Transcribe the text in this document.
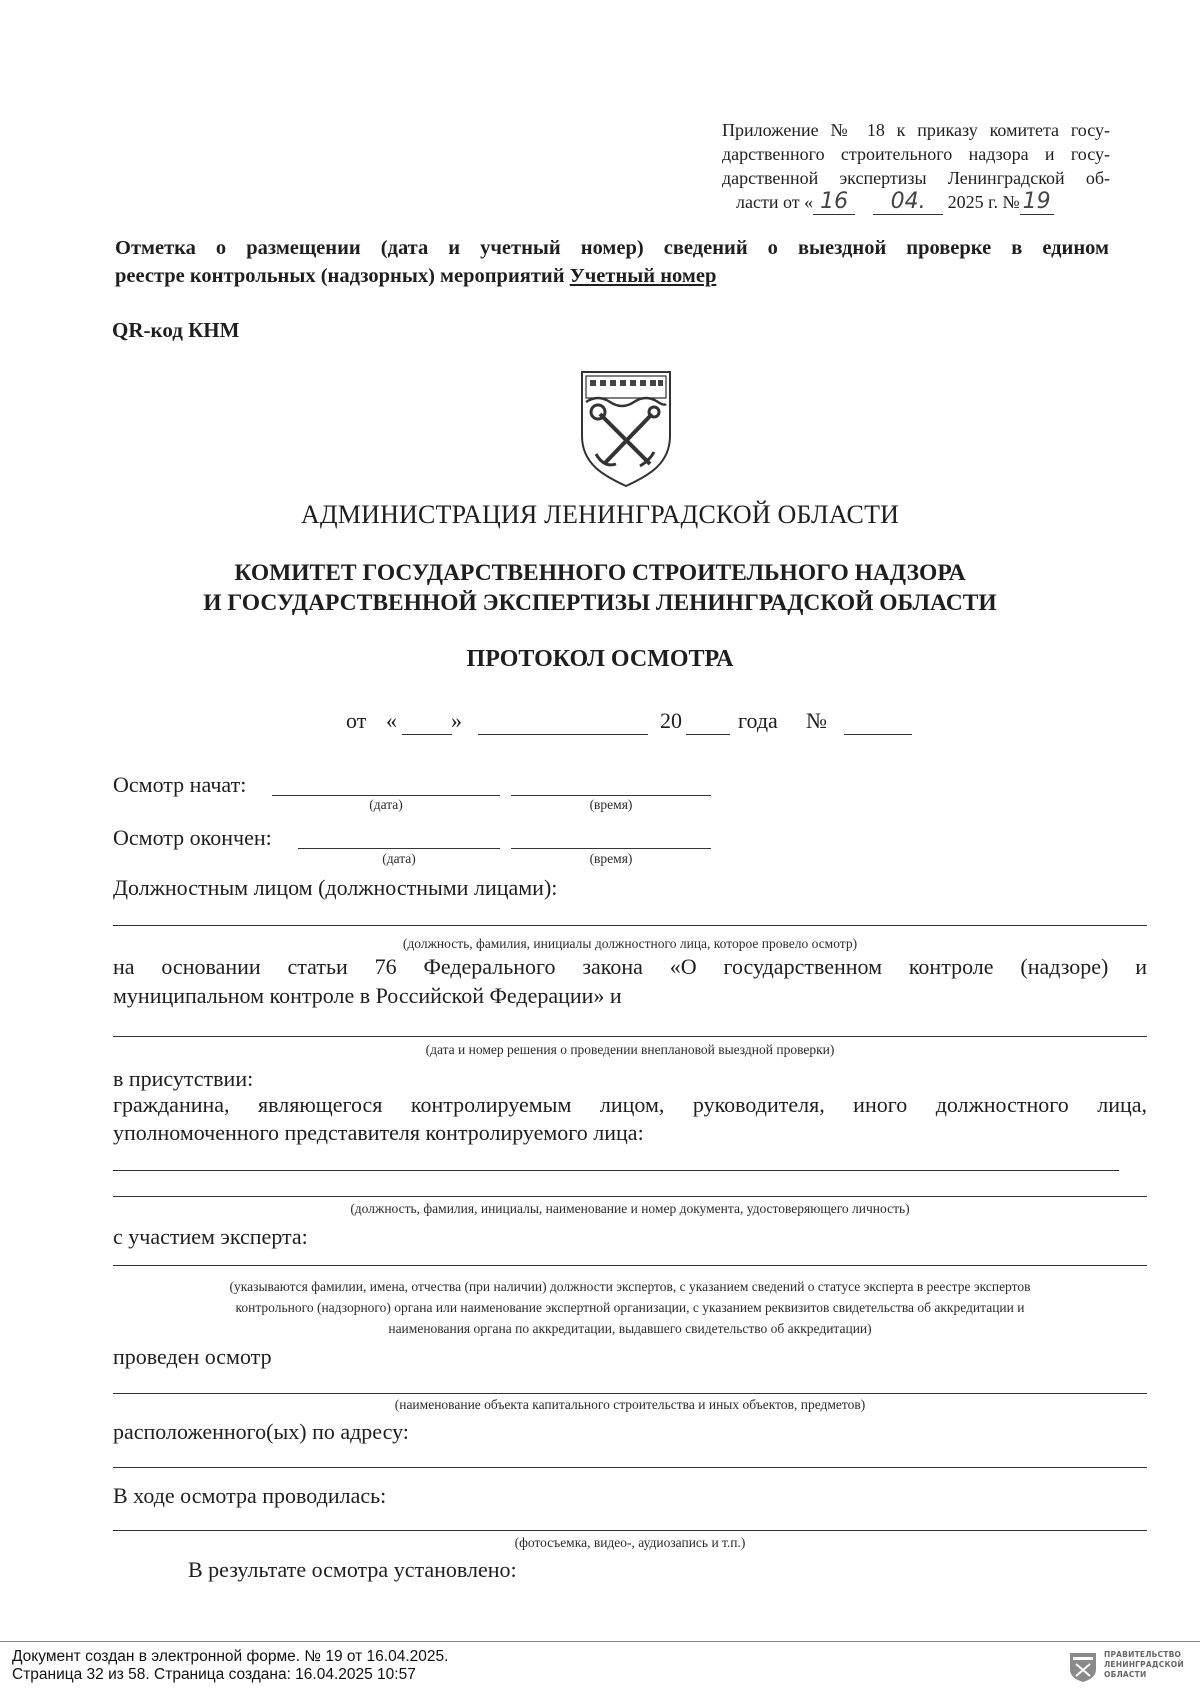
Приложение № 18 к приказу комитета госу-
дарственного строительного надзора и госу-
дарственной экспертизы Ленинградской об-
ласти от « 16 04. 2025 г. № 19
Отметка о размещении (дата и учетный номер) сведений о выездной проверке в едином
реестре контрольных (надзорных) мероприятий Учетный номер
QR-код КНМ
АДМИНИСТРАЦИЯ ЛЕНИНГРАДСКОЙ ОБЛАСТИ
КОМИТЕТ ГОСУДАРСТВЕННОГО СТРОИТЕЛЬНОГО НАДЗОРА
И ГОСУДАРСТВЕННОЙ ЭКСПЕРТИЗЫ ЛЕНИНГРАДСКОЙ ОБЛАСТИ
ПРОТОКОЛ ОСМОТРА
от « »	20	года №
Осмотр начат:
(дата)	(время)
Осмотр окончен:
(дата)	(время)
Должностным лицом (должностными лицами):
(должность, фамилия, инициалы должностного лица, которое провело осмотр)
на основании статьи 76 Федерального закона «О государственном контроле (надзоре) и
муниципальном контроле в Российской Федерации» и
(дата и номер решения о проведении внеплановой выездной проверки)
в присутствии:
гражданина, являющегося контролируемым лицом, руководителя, иного должностного лица,
уполномоченного представителя контролируемого лица:
(должность, фамилия, инициалы, наименование и номер документа, удостоверяющего личность)
с участием эксперта:
(указываются фамилии, имена, отчества (при наличии) должности экспертов, с указанием сведений о статусе эксперта в реестре экспертов
контрольного (надзорного) органа или наименование экспертной организации, с указанием реквизитов свидетельства об аккредитации и
наименования органа по аккредитации, выдавшего свидетельство об аккредитации)
проведен осмотр
(наименование объекта капитального строительства и иных объектов, предметов)
расположенного(ых) по адресу:
В ходе осмотра проводилась:
(фотосъемка, видео-, аудиозапись и т.п.)
В результате осмотра установлено:
Документ создан в электронной форме. № 19 от 16.04.2025.
Страница 32 из 58. Страница создана: 16.04.2025 10:57
ПРАВИТЕЛЬСТВО
ЛЕНИНГРАДСКОЙ
ОБЛАСТИ
